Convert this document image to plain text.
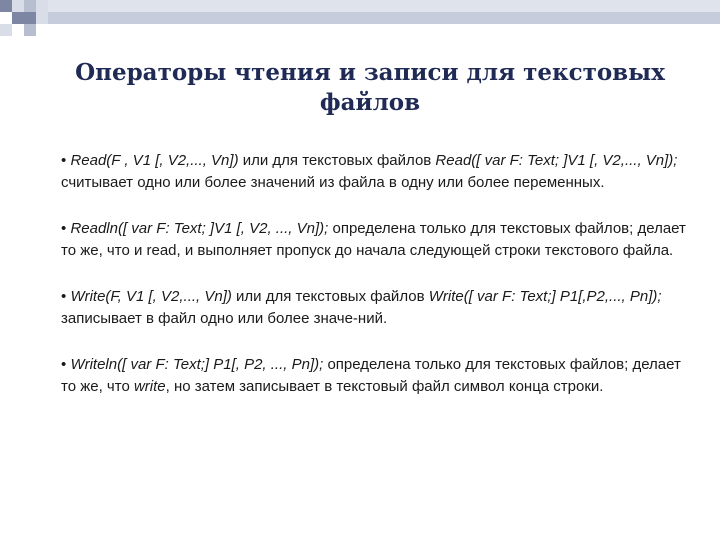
Операторы чтения и записи для текстовых
файлов
• Read(F , V1 [, V2,..., Vn]) или для текстовых файлов Read([ var F: Text; ]V1 [, V2,..., Vn]); считывает одно или более значений из файла в одну или более переменных.
• Readln([ var F: Text; ]V1 [, V2, ..., Vn]); определена только для текстовых файлов; делает то же, что и read, и выполняет пропуск до начала следующей строки текстового файла.
• Write(F, V1 [, V2,..., Vn]) или для текстовых файлов Write([ var F: Text;] P1[,P2,..., Pn]); записывает в файл одно или более значе-ний.
• Writeln([ var F: Text;] P1[, P2, ..., Pn]); определена только для текстовых файлов; делает то же, что write, но затем записывает в текстовый файл символ конца строки.
